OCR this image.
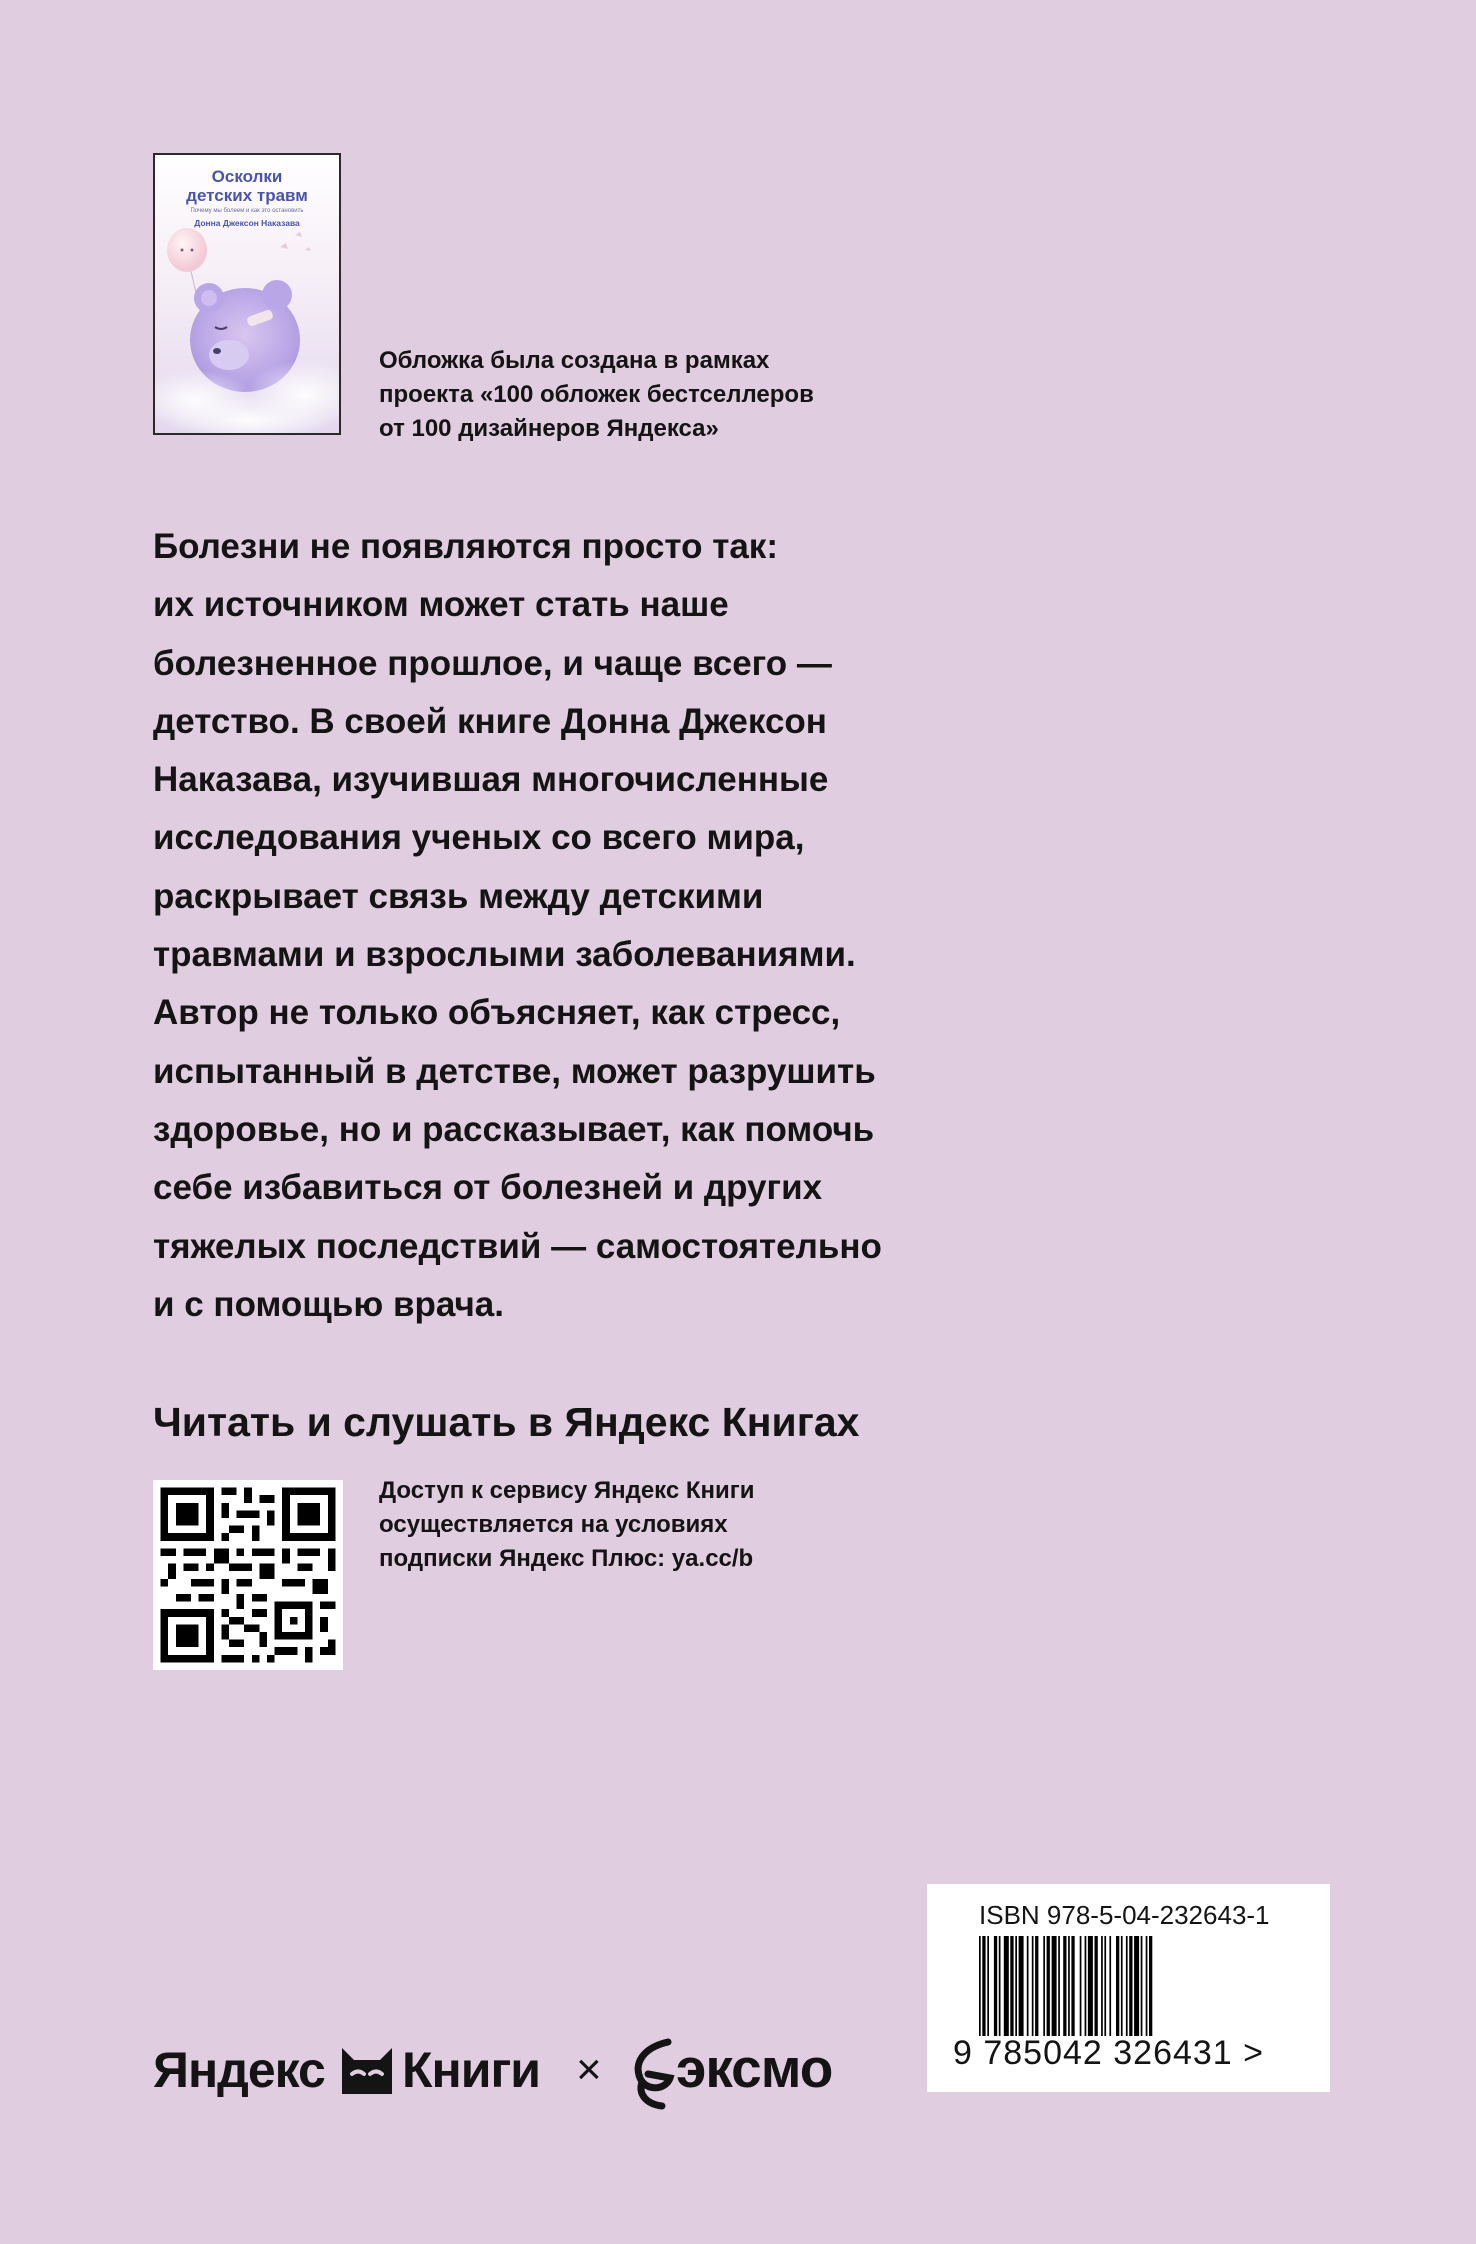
Осколки
детских травм
Почему мы болеем и как это остановить
Донна Джексон Наказава
Обложка была создана в рамках
проекта «100 обложек бестселлеров
от 100 дизайнеров Яндекса»
Болезни не появляются просто так:
их источником может стать наше
болезненное прошлое, и чаще всего —
детство. В своей книге Донна Джексон
Наказава, изучившая многочисленные
исследования ученых со всего мира,
раскрывает связь между детскими
травмами и взрослыми заболеваниями.
Автор не только объясняет, как стресс,
испытанный в детстве, может разрушить
здоровье, но и рассказывает, как помочь
себе избавиться от болезней и других
тяжелых последствий — самостоятельно
и с помощью врача.
Читать и слушать в Яндекс Книгах
Доступ к сервису Яндекс Книги
осуществляется на условиях
подписки Яндекс Плюс: ya.cc/b
ISBN 978-5-04-232643-1
9 785042 326431 >
Яндекс Книги × эксмо
